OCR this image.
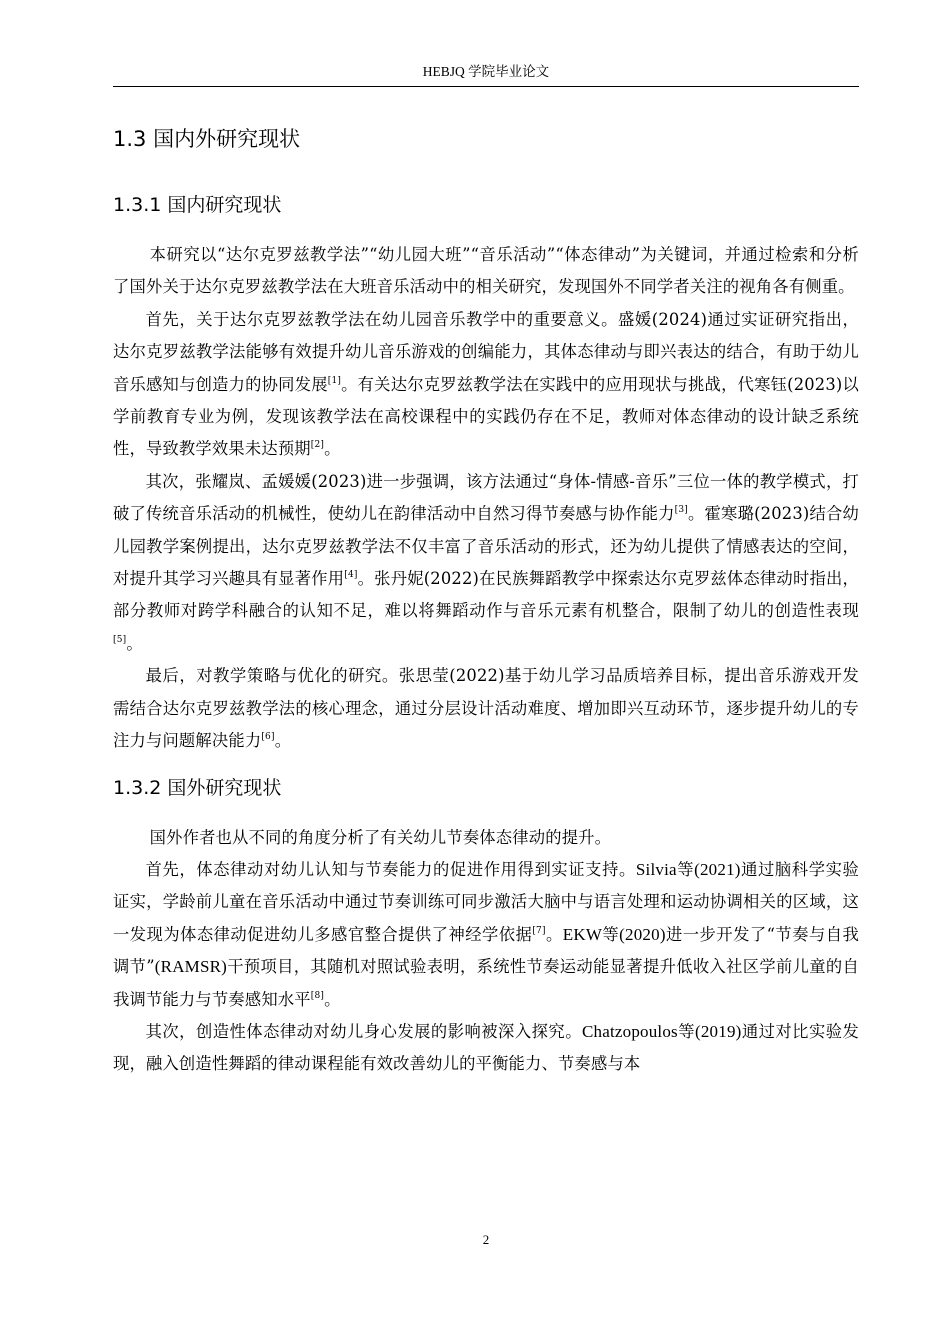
HEBJQ 学院毕业论文
1.3 国内外研究现状
1.3.1 国内研究现状

本研究以“达尔克罗兹教学法”“幼儿园大班”“音乐活动”“体态律动”为关键词，并通过检索和分析了国外关于达尔克罗兹教学法在大班音乐活动中的相关研究，发现国外不同学者关注的视角各有侧重。

首先，关于达尔克罗兹教学法在幼儿园音乐教学中的重要意义。盛媛(2024)通过实证研究指出，达尔克罗兹教学法能够有效提升幼儿音乐游戏的创编能力，其体态律动与即兴表达的结合，有助于幼儿音乐感知与创造力的协同发展[1]。有关达尔克罗兹教学法在实践中的应用现状与挑战，代寒钰(2023)以学前教育专业为例，发现该教学法在高校课程中的实践仍存在不足，教师对体态律动的设计缺乏系统性，导致教学效果未达预期[2]。

其次，张耀岚、孟媛媛(2023)进一步强调，该方法通过“身体-情感-音乐”三位一体的教学模式，打破了传统音乐活动的机械性，使幼儿在韵律活动中自然习得节奏感与协作能力[3]。霍寒璐(2023)结合幼儿园教学案例提出，达尔克罗兹教学法不仅丰富了音乐活动的形式，还为幼儿提供了情感表达的空间，对提升其学习兴趣具有显著作用[4]。张丹妮(2022)在民族舞蹈教学中探索达尔克罗兹体态律动时指出，部分教师对跨学科融合的认知不足，难以将舞蹈动作与音乐元素有机整合，限制了幼儿的创造性表现[5]。

最后，对教学策略与优化的研究。张思莹(2022)基于幼儿学习品质培养目标，提出音乐游戏开发需结合达尔克罗兹教学法的核心理念，通过分层设计活动难度、增加即兴互动环节，逐步提升幼儿的专注力与问题解决能力[6]。

1.3.2 国外研究现状

国外作者也从不同的角度分析了有关幼儿节奏体态律动的提升。

首先，体态律动对幼儿认知与节奏能力的促进作用得到实证支持。Silvia等(2021)通过脑科学实验证实，学龄前儿童在音乐活动中通过节奏训练可同步激活大脑中与语言处理和运动协调相关的区域，这一发现为体态律动促进幼儿多感官整合提供了神经学依据[7]。EKW等(2020)进一步开发了“节奏与自我调节”(RAMSR)干预项目，其随机对照试验表明，系统性节奏运动能显著提升低收入社区学前儿童的自我调节能力与节奏感知水平[8]。

其次，创造性体态律动对幼儿身心发展的影响被深入探究。Chatzopoulos等(2019)通过对比实验发现，融入创造性舞蹈的律动课程能有效改善幼儿的平衡能力、节奏感与本

2
